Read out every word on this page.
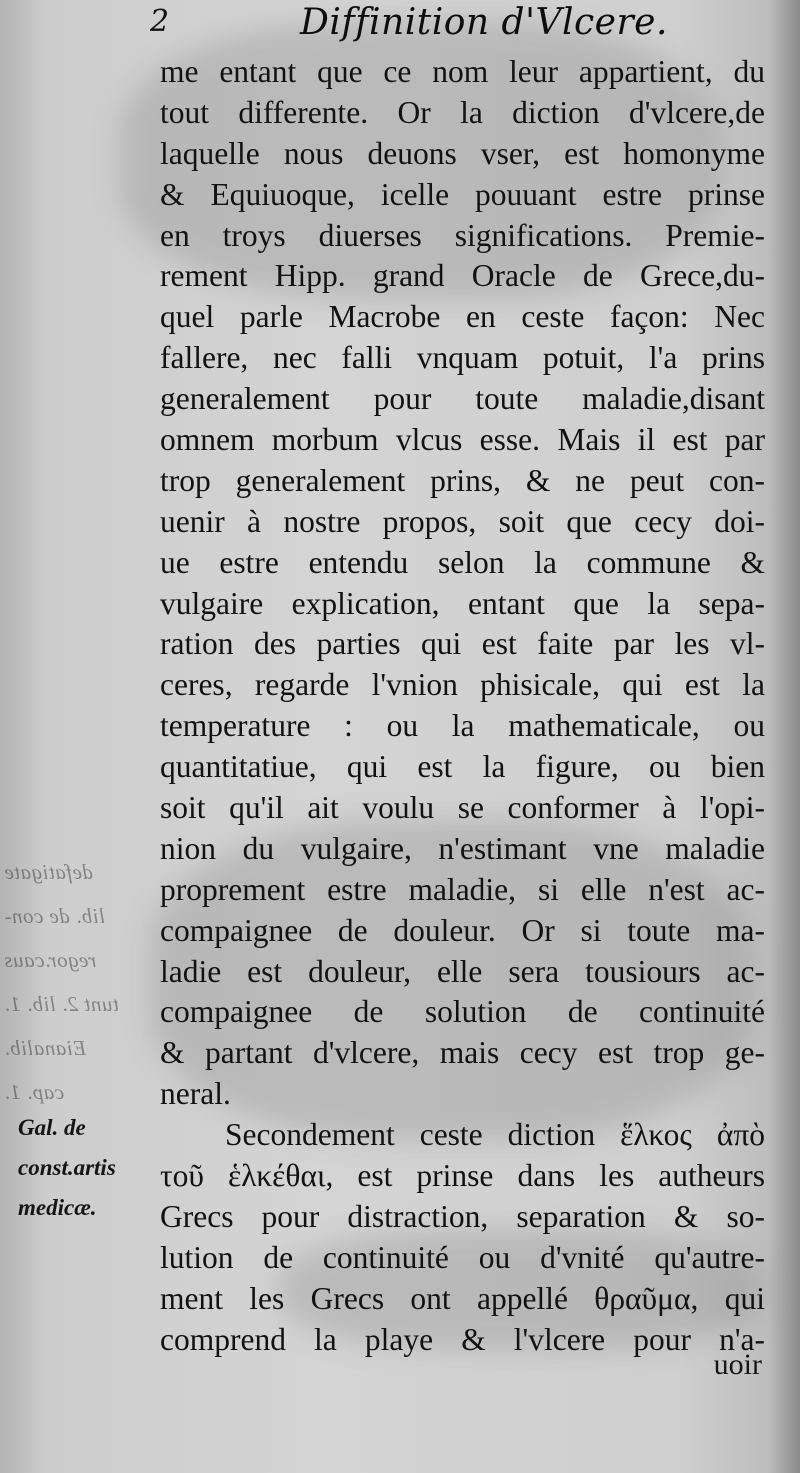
2	Diffinition d'Vlcere.
defatigate
lib. de con-
regor.caus
tunt 2. lib. 1.
Eianalib.
cap. 1.
me entant que ce nom leur appartient, du
tout differente. Or la diction d'vlcere,de
laquelle nous deuons vser, est homonyme
& Equiuoque, icelle pouuant estre prinse
en troys diuerses significations. Premie-
rement Hipp. grand Oracle de Grece,du-
quel parle Macrobe en ceste façon: Nec
fallere, nec falli vnquam potuit, l'a prins
generalement pour toute maladie,disant
omnem morbum vlcus esse. Mais il est par
trop generalement prins, & ne peut con-
uenir à nostre propos, soit que cecy doi-
ue estre entendu selon la commune &
vulgaire explication, entant que la sepa-
ration des parties qui est faite par les vl-
ceres, regarde l'vnion phisicale, qui est la
temperature : ou la mathematicale, ou
quantitatiue, qui est la figure, ou bien
soit qu'il ait voulu se conformer à l'opi-
nion du vulgaire, n'estimant vne maladie
proprement estre maladie, si elle n'est ac-
compaignee de douleur. Or si toute ma-
ladie est douleur, elle sera tousiours ac-
compaignee de solution de continuité
& partant d'vlcere, mais cecy est trop ge-
neral.
Secondement ceste diction ἕλκος ἀπὸ
τοῦ ἑλκέθαι, est prinse dans les autheurs
Grecs pour distraction, separation & so-
lution de continuité ou d'vnité qu'autre-
ment les Grecs ont appellé θραῦμα, qui
comprend la playe & l'vlcere pour n'a-
Gal. de
const.artis
medicæ.
uoir
